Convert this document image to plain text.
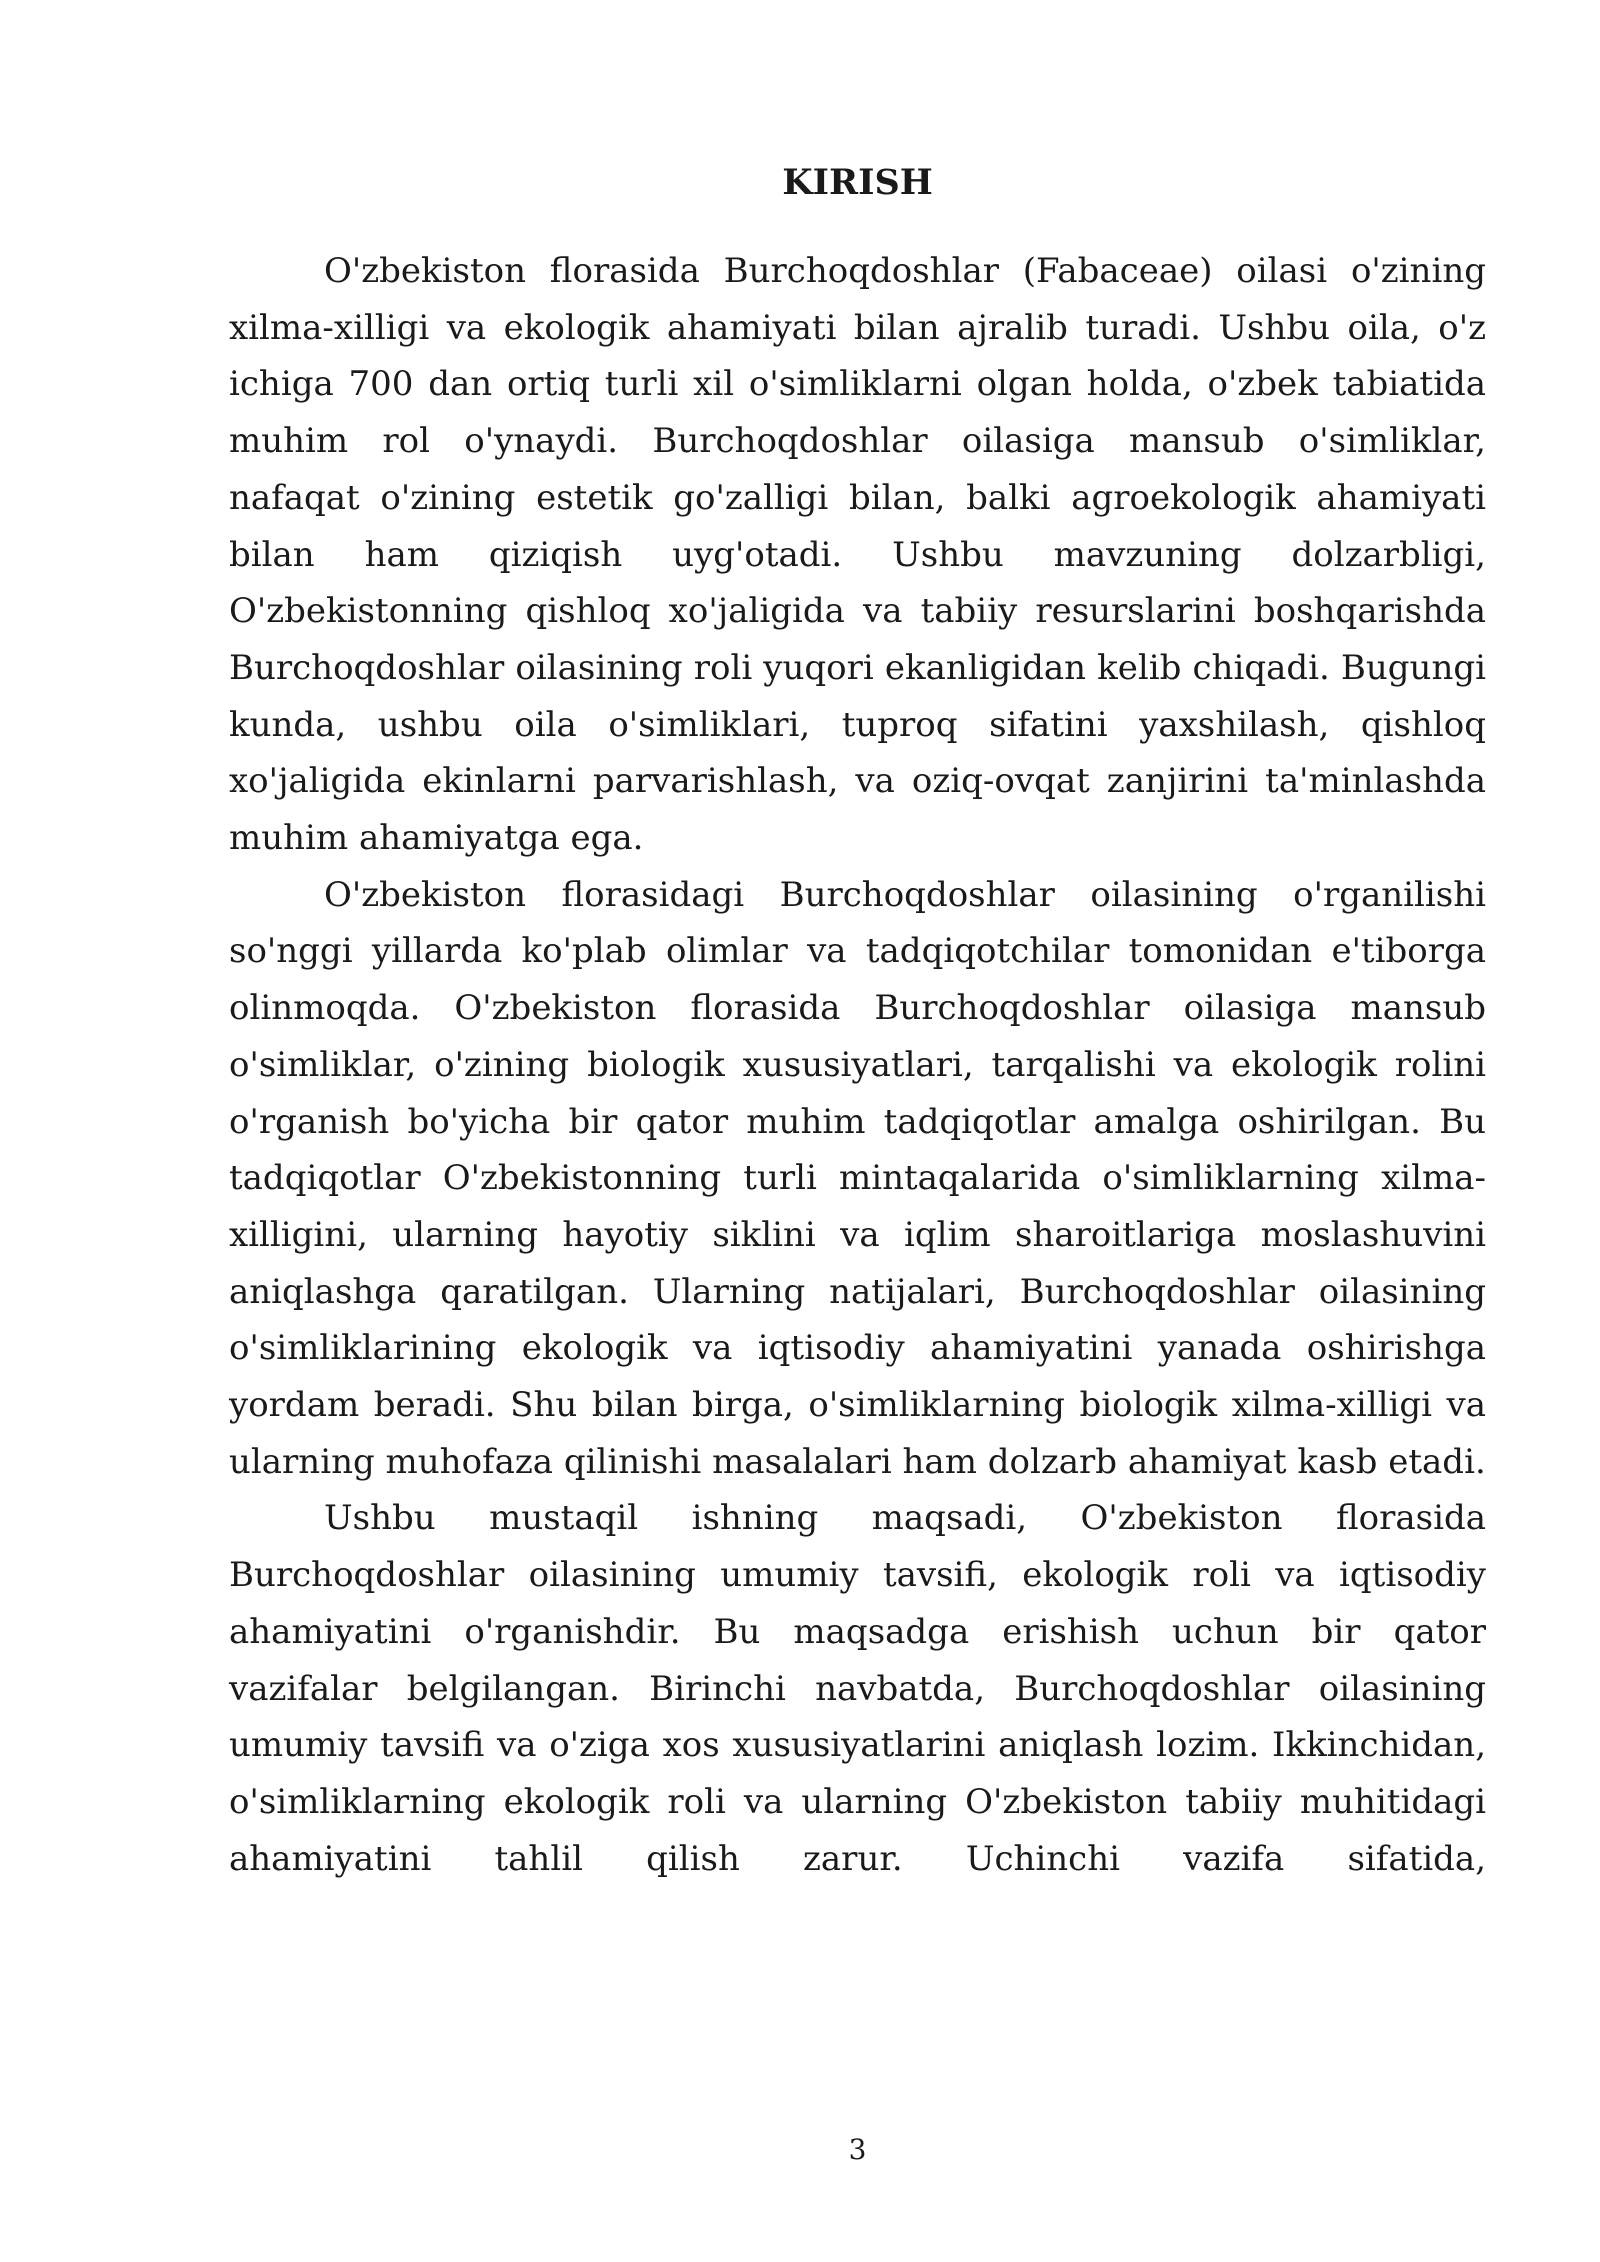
KIRISH

O'zbekiston florasida Burchoqdoshlar (Fabaceae) oilasi o'zining xilma-xilligi va ekologik ahamiyati bilan ajralib turadi. Ushbu oila, o'z ichiga 700 dan ortiq turli xil o'simliklarni olgan holda, o'zbek tabiatida muhim rol o'ynaydi. Burchoqdoshlar oilasiga mansub o'simliklar, nafaqat o'zining estetik go'zalligi bilan, balki agroekologik ahamiyati bilan ham qiziqish uyg'otadi. Ushbu mavzuning dolzarbligi, O'zbekistonning qishloq xo'jaligida va tabiiy resurslarini boshqarishda Burchoqdoshlar oilasining roli yuqori ekanligidan kelib chiqadi. Bugungi kunda, ushbu oila o'simliklari, tuproq sifatini yaxshilash, qishloq xo'jaligida ekinlarni parvarishlash, va oziq-ovqat zanjirini ta'minlashda muhim ahamiyatga ega.

O'zbekiston florasidagi Burchoqdoshlar oilasining o'rganilishi so'nggi yillarda ko'plab olimlar va tadqiqotchilar tomonidan e'tiborga olinmoqda. O'zbekiston florasida Burchoqdoshlar oilasiga mansub o'simliklar, o'zining biologik xususiyatlari, tarqalishi va ekologik rolini o'rganish bo'yicha bir qator muhim tadqiqotlar amalga oshirilgan. Bu tadqiqotlar O'zbekistonning turli mintaqalarida o'simliklarning xilma-xilligini, ularning hayotiy siklini va iqlim sharoitlariga moslashuvini aniqlashga qaratilgan. Ularning natijalari, Burchoqdoshlar oilasining o'simliklarining ekologik va iqtisodiy ahamiyatini yanada oshirishga yordam beradi. Shu bilan birga, o'simliklarning biologik xilma-xilligi va ularning muhofaza qilinishi masalalari ham dolzarb ahamiyat kasb etadi.

Ushbu mustaqil ishning maqsadi, O'zbekiston florasida Burchoqdoshlar oilasining umumiy tavsifi, ekologik roli va iqtisodiy ahamiyatini o'rganishdir. Bu maqsadga erishish uchun bir qator vazifalar belgilangan. Birinchi navbatda, Burchoqdoshlar oilasining umumiy tavsifi va o'ziga xos xususiyatlarini aniqlash lozim. Ikkinchidan, o'simliklarning ekologik roli va ularning O'zbekiston tabiiy muhitidagi ahamiyatini tahlil qilish zarur. Uchinchi vazifa sifatida,

3
